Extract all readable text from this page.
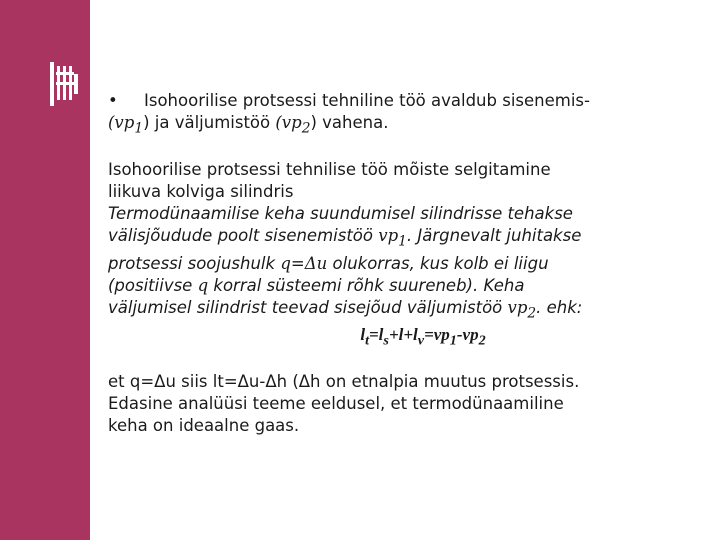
•	Isohoorilise protsessi tehniline töö avaldub sisenemis-
$(vp_1)$ ja väljumistöö $(vp_2)$ vahena.
Isohoorilise protsessi tehnilise töö mõiste selgitamine
liikuva kolviga silindris
Termodünaamilise keha suundumisel silindrisse tehakse
välisjõudude poolt sisenemistöö $vp_1$. Järgnevalt juhitakse
protsessi soojushulk q=Δu olukorras, kus kolb ei liigu
(positiivse q korral süsteemi rõhk suureneb). Keha
väljumisel silindrist teevad sisejõud väljumistöö $vp_2$. ehk:
$l_t=l_s+l+l_v=vp_1-vp_2$
et q=Δu siis lt=Δu-Δh (Δh on etnalpia muutus protsessis.
Edasine analüüsi teeme eeldusel, et termodünaamiline
keha on ideaalne gaas.
